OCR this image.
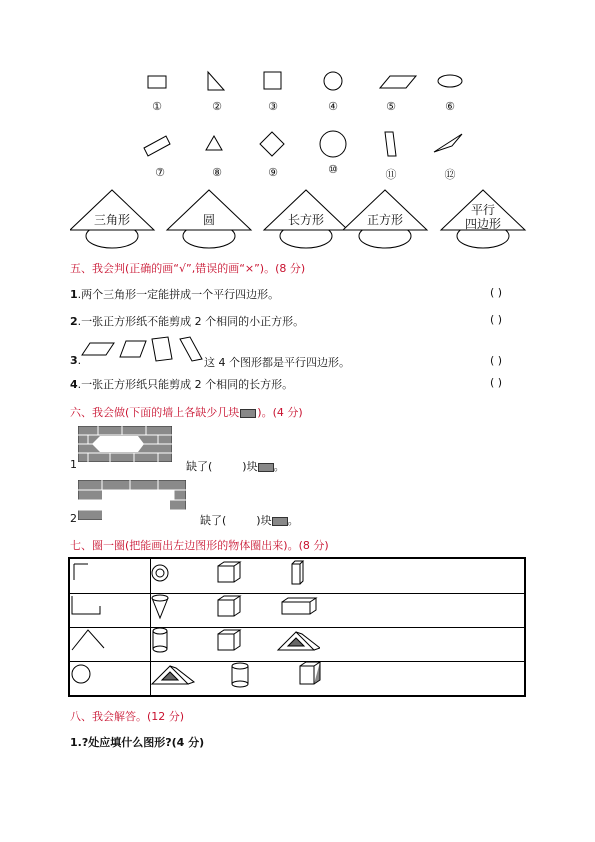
①	②	③	④	⑤	⑥
⑦	⑧	⑨	⑩	⑪	⑫
三角形	圆	长方形	正方形
平行
四边形
五、我会判(正确的画“√”,错误的画“×”)。(8 分)
1.两个三角形一定能拼成一个平行四边形。	( )
2.一张正方形纸不能剪成 2 个相同的小正方形。	( )
3.	这 4 个图形都是平行四边形。	( )
4.一张正方形纸只能剪成 2 个相同的长方形。	( )
六、我会做(下面的墙上各缺少几块 )。(4 分)
1	缺了(	)块 。
2	缺了(	)块 。
七、圈一圈(把能画出左边图形的物体圈出来)。(8 分)
八、我会解答。(12 分)
1.?处应填什么图形?(4 分)
